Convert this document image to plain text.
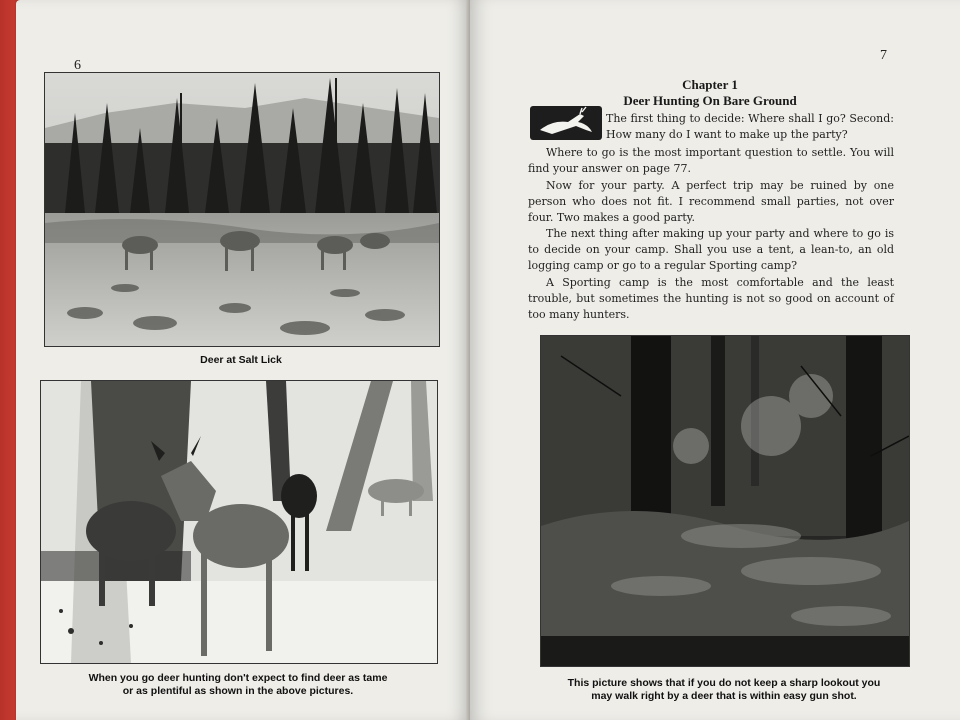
6
Deer at Salt Lick
When you go deer hunting don't expect to find deer as tame
or as plentiful as shown in the above pictures.
7
Chapter 1
Deer Hunting On Bare Ground

The first thing to decide: Where shall I go? Second: How many do I want to make up the party?

Where to go is the most important question to settle. You will find your answer on page 77.

Now for your party. A perfect trip may be ruined by one person who does not fit. I recommend small parties, not over four. Two makes a good party.

The next thing after making up your party and where to go is to decide on your camp. Shall you use a tent, a lean-to, an old logging camp or go to a regular Sporting camp?

A Sporting camp is the most comfortable and the least trouble, but sometimes the hunting is not so good on account of too many hunters.

This picture shows that if you do not keep a sharp lookout you
may walk right by a deer that is within easy gun shot.
